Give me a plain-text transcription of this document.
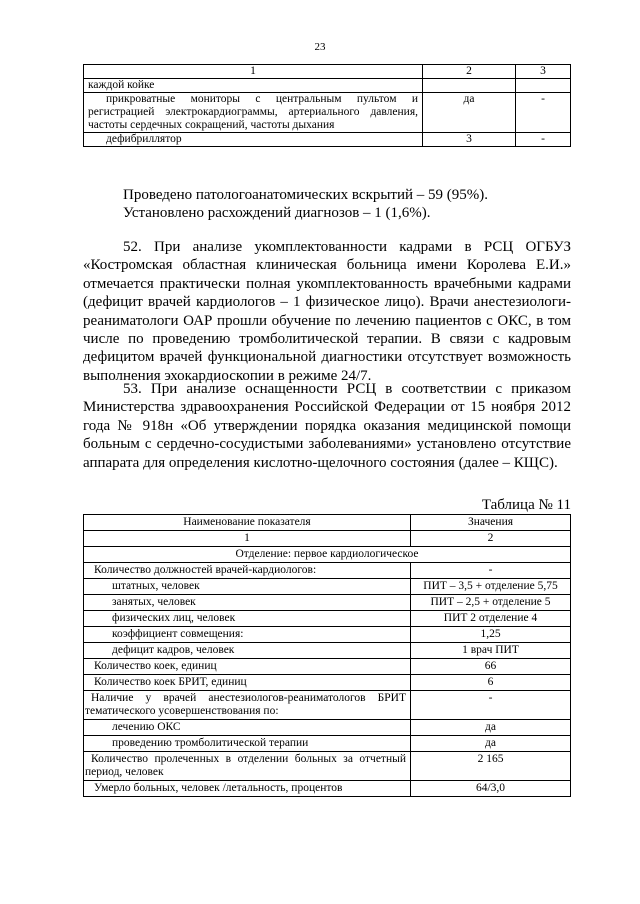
23
1	2	3
каждой койке		
прикроватные мониторы с центральным пультом и регистрацией электрокардиограммы, артериального давления, частоты сердечных сокращений, частоты дыхания	да	-
дефибриллятор	3	-
Проведено патологоанатомических вскрытий – 59 (95%).
Установлено расхождений диагнозов – 1 (1,6%).
52. При анализе укомплектованности кадрами в РСЦ ОГБУЗ «Костромская областная клиническая больница имени Королева Е.И.» отмечается практически полная укомплектованность врачебными кадрами (дефицит врачей кардиологов – 1 физическое лицо). Врачи анестезиологи-реаниматологи ОАР прошли обучение по лечению пациентов с ОКС, в том числе по проведению тромболитической терапии. В связи с кадровым дефицитом врачей функциональной диагностики отсутствует возможность выполнения эхокардиоскопии в режиме 24/7.
53. При анализе оснащенности РСЦ в соответствии с приказом Министерства здравоохранения Российской Федерации от 15 ноября 2012 года № 918н «Об утверждении порядка оказания медицинской помощи больным с сердечно-сосудистыми заболеваниями» установлено отсутствие аппарата для определения кислотно-щелочного состояния (далее – КЩС).
Таблица № 11
Наименование показателя	Значения
1	2
Отделение: первое кардиологическое	
Количество должностей врачей-кардиологов:	-
штатных, человек	ПИТ – 3,5 + отделение 5,75
занятых, человек	ПИТ – 2,5 + отделение 5
физических лиц, человек	ПИТ 2 отделение 4
коэффициент совмещения:	1,25
дефицит кадров, человек	1 врач ПИТ
Количество коек, единиц	66
Количество коек БРИТ, единиц	6
Наличие у врачей анестезиологов-реаниматологов БРИТ тематического усовершенствования по:	-
лечению ОКС	да
проведению тромболитической терапии	да
Количество пролеченных в отделении больных за отчетный период, человек	2 165
Умерло больных, человек /летальность, процентов	64/3,0
